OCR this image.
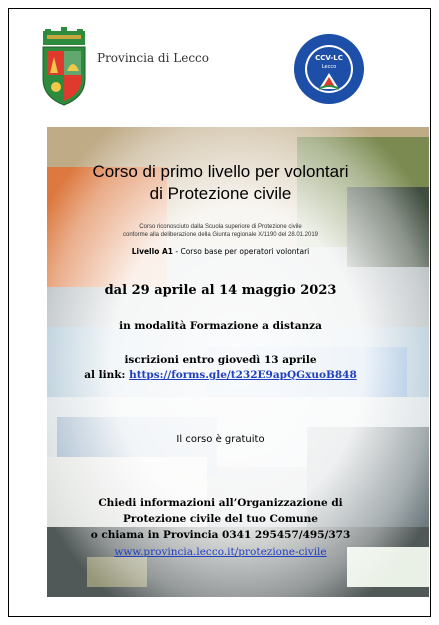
Provincia di Lecco	CCV-LC
Lecco
Corso di primo livello per volontari
di Protezione civile
Corso riconosciuto dalla Scuola superiore di Protezione civile
conforme alla deliberazione della Giunta regionale X/1190 del 28.01.2019
Livello A1 - Corso base per operatori volontari
dal 29 aprile al 14 maggio 2023
in modalità Formazione a distanza
iscrizioni entro giovedì 13 aprile
al link: https://forms.gle/t232E9apQGxuoB848
Il corso è gratuito
Chiedi informazioni all’Organizzazione di
Protezione civile del tuo Comune
o chiama in Provincia 0341 295457/495/373
www.provincia.lecco.it/protezione-civile
